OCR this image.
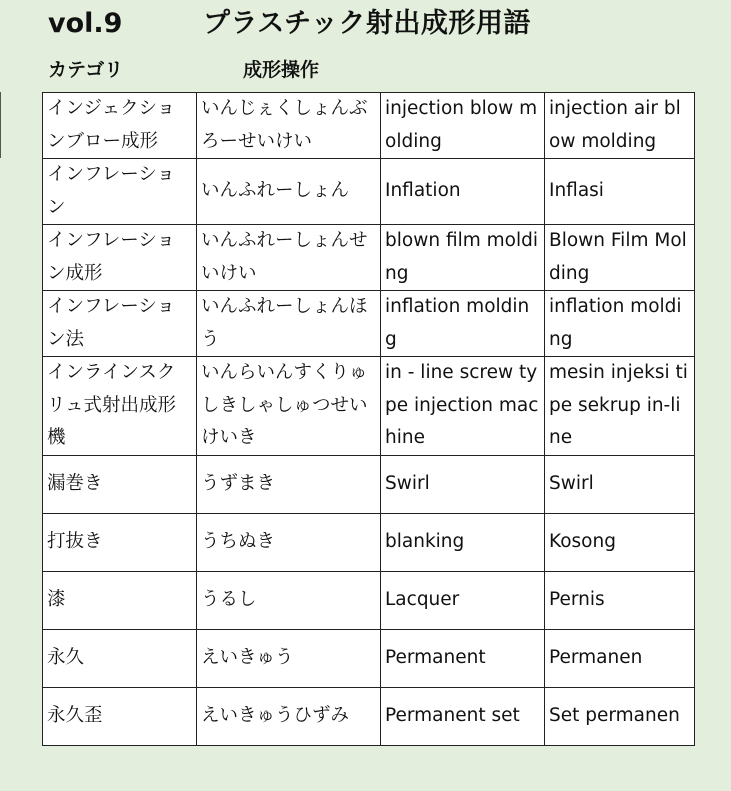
vol.9	プラスチック射出成形用語
カテゴリ	成形操作
インジェクションブロー成形	いんじぇくしょんぶろーせいけい	injection blow molding	injection air blow molding
インフレーション	いんふれーしょん	Inflation	Inflasi
インフレーション成形	いんふれーしょんせいけい	blown film molding	Blown Film Molding
インフレーション法	いんふれーしょんほう	inflation molding	inflation molding
インラインスクリュ式射出成形機	いんらいんすくりゅしきしゃしゅつせいけいき	in - line screw type injection machine	mesin injeksi tipe sekrup in-line
漏巻き	うずまき	Swirl	Swirl
打抜き	うちぬき	blanking	Kosong
漆	うるし	Lacquer	Pernis
永久	えいきゅう	Permanent	Permanen
永久歪	えいきゅうひずみ	Permanent set	Set permanen
